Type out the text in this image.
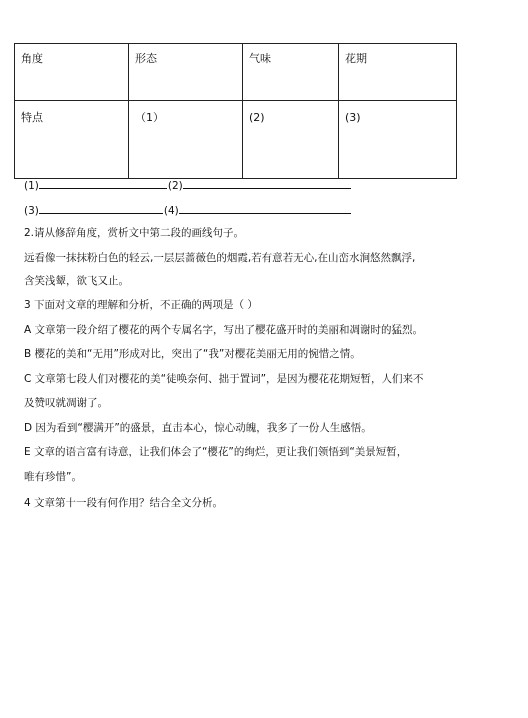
角度	形态	气味	花期
特点	（1）	(2)	(3)
(1)	(2)
(3)	(4)
2.请从修辞角度，赏析文中第二段的画线句子。
远看像一抹抹粉白色的轻云,一层层蔷薇色的烟霞,若有意若无心,在山峦水涧悠然飘浮,
含笑浅颦，欲飞又止。
3 下面对文章的理解和分析，不正确的两项是（ ）
A 文章第一段介绍了樱花的两个专属名字，写出了樱花盛开时的美丽和凋谢时的猛烈。
B 樱花的美和“无用”形成对比，突出了“我”对樱花美丽无用的惋惜之情。
C 文章第七段人们对樱花的美“徒唤奈何、拙于置词”，是因为樱花花期短暂，人们来不
及赞叹就凋谢了。
D 因为看到“樱满开”的盛景，直击本心，惊心动魄，我多了一份人生感悟。
E 文章的语言富有诗意，让我们体会了“樱花”的绚烂，更让我们领悟到“美景短暂，
唯有珍惜”。
4 文章第十一段有何作用？结合全文分析。
